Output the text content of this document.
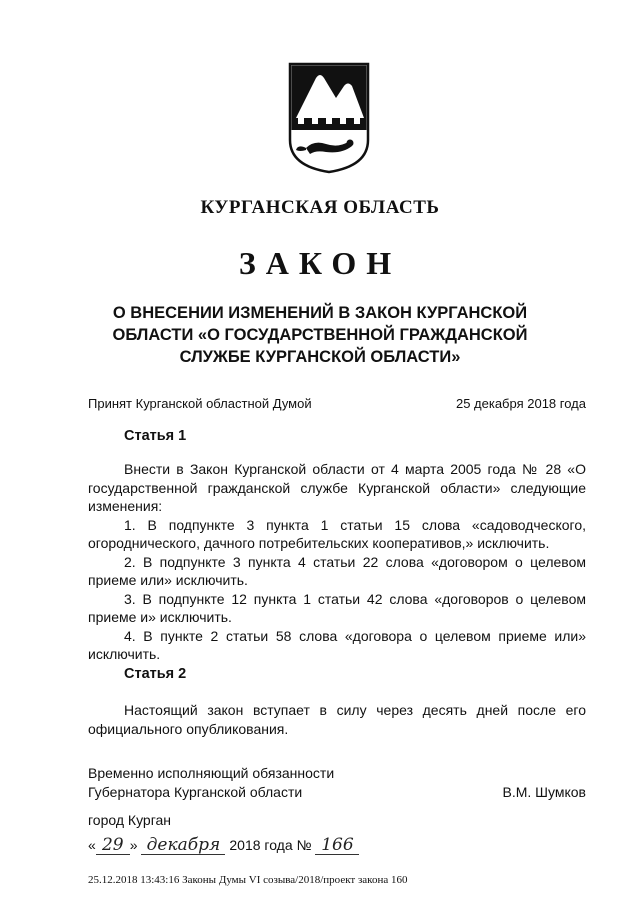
КУРГАНСКАЯ ОБЛАСТЬ
ЗАКОН
О ВНЕСЕНИИ ИЗМЕНЕНИЙ В ЗАКОН КУРГАНСКОЙ ОБЛАСТИ «О ГОСУДАРСТВЕННОЙ ГРАЖДАНСКОЙ СЛУЖБЕ КУРГАНСКОЙ ОБЛАСТИ»
Принят Курганской областной Думой	25 декабря 2018 года
Статья 1

Внести в Закон Курганской области от 4 марта 2005 года № 28 «О государственной гражданской службе Курганской области» следующие изменения:

1. В подпункте 3 пункта 1 статьи 15 слова «садоводческого, огороднического, дачного потребительских кооперативов,» исключить.

2. В подпункте 3 пункта 4 статьи 22 слова «договором о целевом приеме или» исключить.

3. В подпункте 12 пункта 1 статьи 42 слова «договоров о целевом приеме и» исключить.

4. В пункте 2 статьи 58 слова «договора о целевом приеме или» исключить.

Статья 2

Настоящий закон вступает в силу через десять дней после его официального опубликования.

Временно исполняющий обязанности
Губернатора Курганской области	В.М. Шумков
город Курган
« 29 » декабря 2018 года № 166
25.12.2018 13:43:16 Законы Думы VI созыва/2018/проект закона 160
